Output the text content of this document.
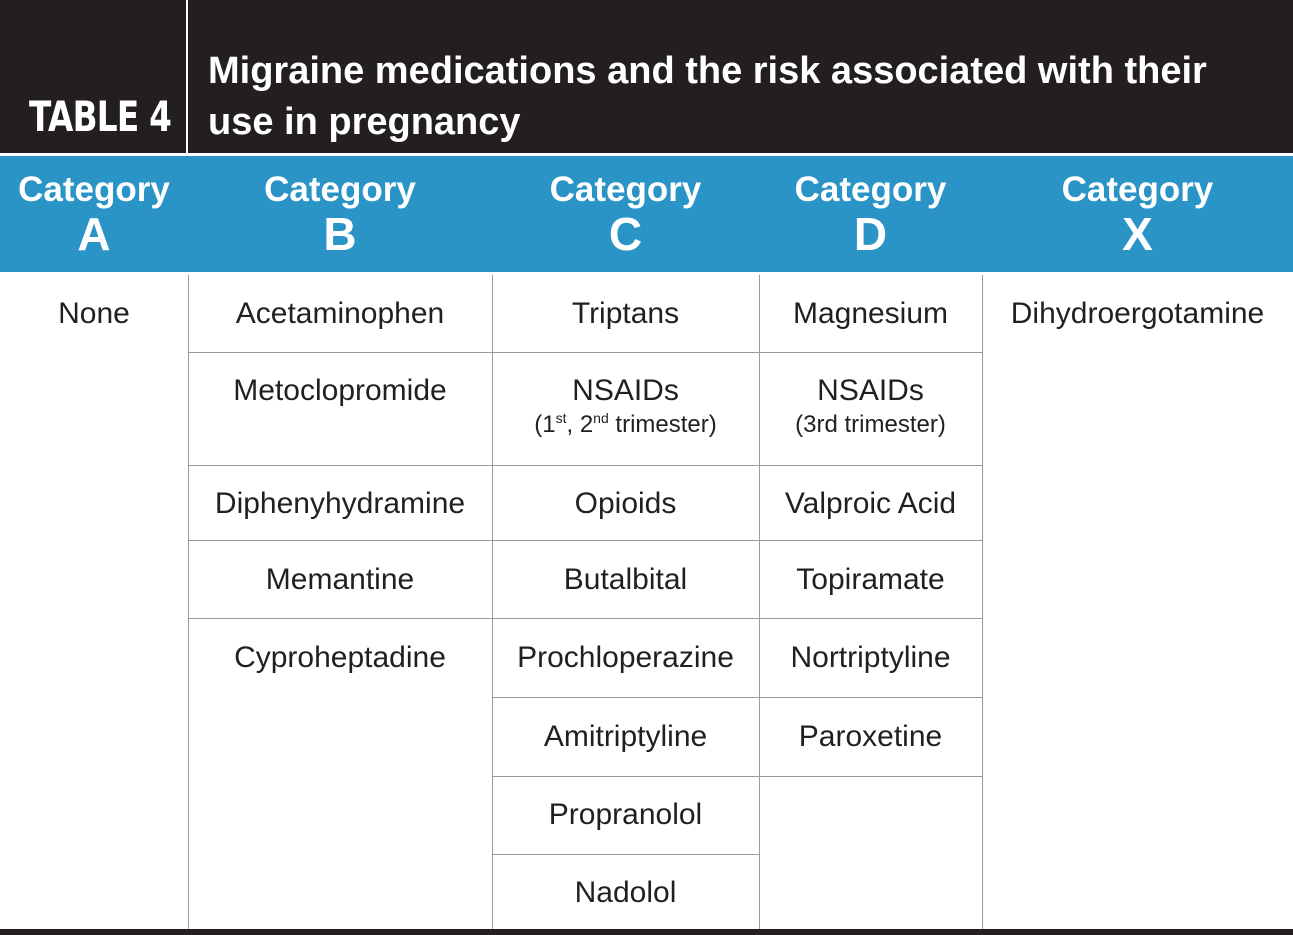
TABLE 4
Migraine medications and the risk associated with their use in pregnancy
Category
A
Category
B
Category
C
Category
D
Category
X
None	Acetaminophen
Metoclopromide
Diphenyhydramine
Memantine
Cyproheptadine
Triptans
NSAIDs
(1st, 2nd trimester)
Opioids
Butalbital
Prochloperazine
Amitriptyline
Propranolol
Nadolol
Magnesium
NSAIDs
(3rd trimester)
Valproic Acid
Topiramate
Nortriptyline
Paroxetine
Dihydroergotamine
